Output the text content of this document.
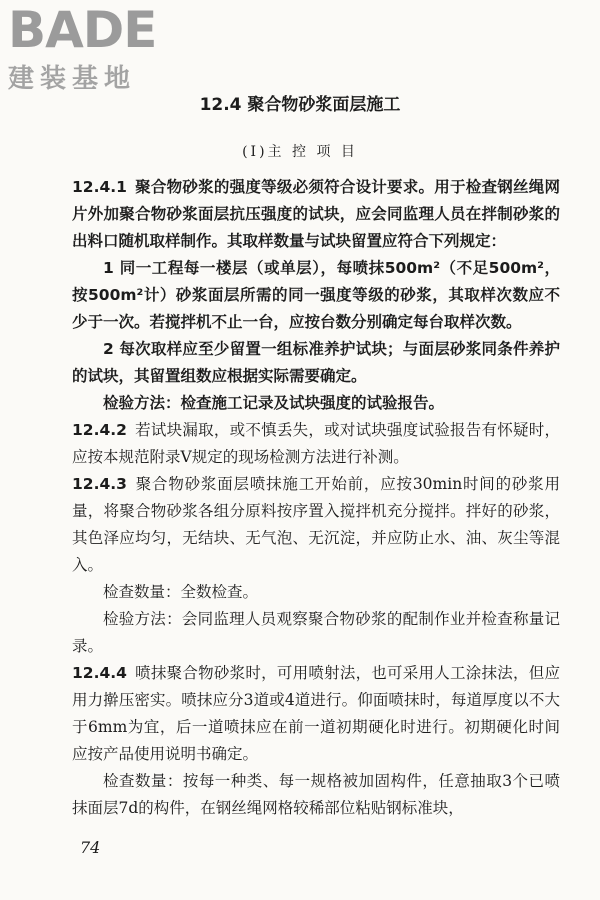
BADE
建装基地
12.4 聚合物砂浆面层施工
(Ⅰ)主 控 项 目

12.4.1 聚合物砂浆的强度等级必须符合设计要求。用于检查钢丝绳网片外加聚合物砂浆面层抗压强度的试块，应会同监理人员在拌制砂浆的出料口随机取样制作。其取样数量与试块留置应符合下列规定：

1 同一工程每一楼层（或单层），每喷抹500m²（不足500m²，按500m²计）砂浆面层所需的同一强度等级的砂浆，其取样次数应不少于一次。若搅拌机不止一台，应按台数分别确定每台取样次数。

2 每次取样应至少留置一组标准养护试块；与面层砂浆同条件养护的试块，其留置组数应根据实际需要确定。

检验方法：检查施工记录及试块强度的试验报告。

12.4.2 若试块漏取，或不慎丢失，或对试块强度试验报告有怀疑时，应按本规范附录V规定的现场检测方法进行补测。

12.4.3 聚合物砂浆面层喷抹施工开始前，应按30min时间的砂浆用量，将聚合物砂浆各组分原料按序置入搅拌机充分搅拌。拌好的砂浆，其色泽应均匀，无结块、无气泡、无沉淀，并应防止水、油、灰尘等混入。

检查数量：全数检查。

检验方法：会同监理人员观察聚合物砂浆的配制作业并检查称量记录。

12.4.4 喷抹聚合物砂浆时，可用喷射法，也可采用人工涂抹法，但应用力擀压密实。喷抹应分3道或4道进行。仰面喷抹时，每道厚度以不大于6mm为宜，后一道喷抹应在前一道初期硬化时进行。初期硬化时间应按产品使用说明书确定。

检查数量：按每一种类、每一规格被加固构件，任意抽取3个已喷抹面层7d的构件，在钢丝绳网格较稀部位粘贴钢标准块，

74
